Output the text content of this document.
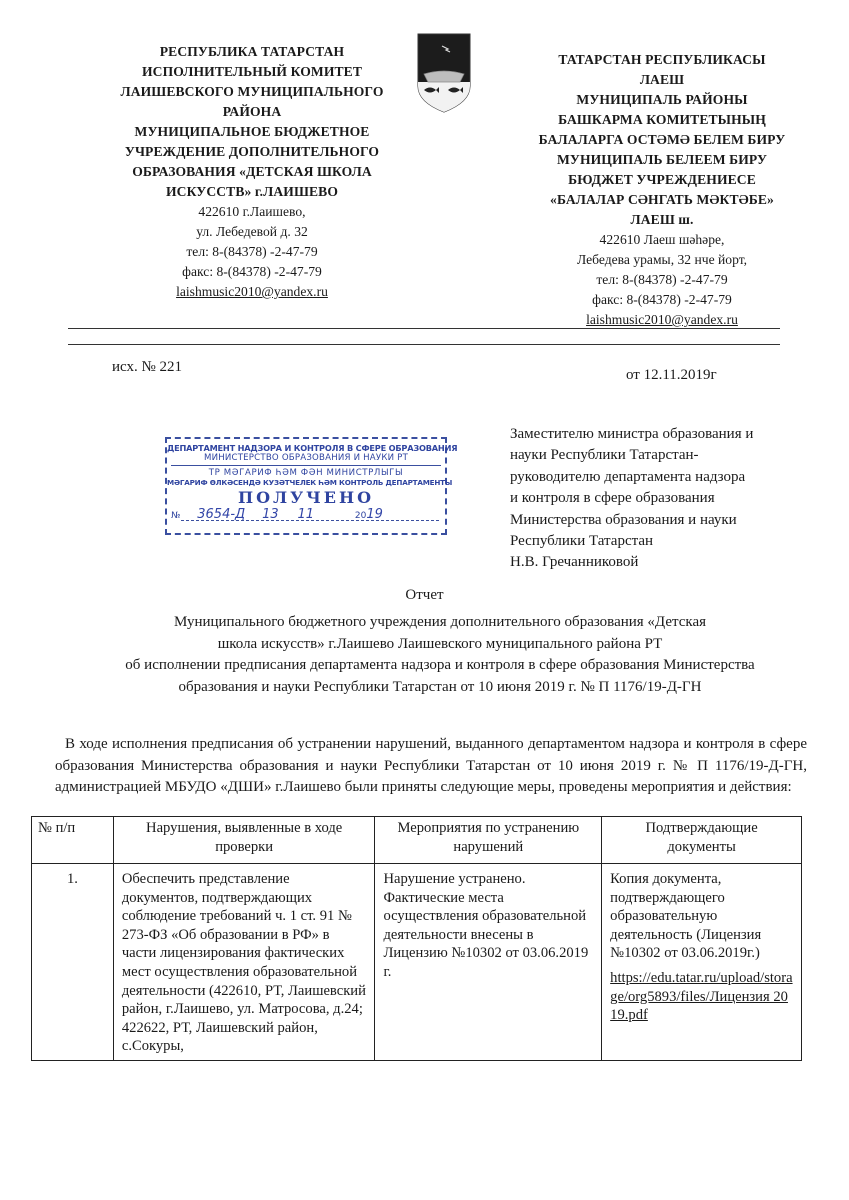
РЕСПУБЛИКА ТАТАРСТАН
ИСПОЛНИТЕЛЬНЫЙ КОМИТЕТ
ЛАИШЕВСКОГО МУНИЦИПАЛЬНОГО
РАЙОНА
МУНИЦИПАЛЬНОЕ БЮДЖЕТНОЕ
УЧРЕЖДЕНИЕ ДОПОЛНИТЕЛЬНОГО
ОБРАЗОВАНИЯ «ДЕТСКАЯ ШКОЛА
ИСКУССТВ» г.ЛАИШЕВО
422610 г.Лаишево,
ул. Лебедевой д. 32
тел: 8-(84378) -2-47-79
факс: 8-(84378) -2-47-79
laishmusic2010@yandex.ru
ТАТАРСТАН РЕСПУБЛИКАСЫ
ЛАЕШ
МУНИЦИПАЛЬ РАЙОНЫ
БАШКАРМА КОМИТЕТЫНЫҢ
БАЛАЛАРГА ОСТӘМӘ БЕЛЕМ БИРУ
МУНИЦИПАЛЬ БЕЛЕЕМ БИРУ
БЮДЖЕТ УЧРЕЖДЕНИЕСЕ
«БАЛАЛАР СӘНГАТЬ МӘКТӘБЕ»
ЛАЕШ ш.
422610 Лаеш шәһәре,
Лебедева урамы, 32 нче йорт,
тел: 8-(84378) -2-47-79
факс: 8-(84378) -2-47-79
laishmusic2010@yandex.ru
исх. № 221	от 12.11.2019г
ДЕПАРТАМЕНТ НАДЗОРА И КОНТРОЛЯ В СФЕРЕ ОБРАЗОВАНИЯ
МИНИСТЕРСТВО ОБРАЗОВАНИЯ И НАУКИ РТ
ТР МӘГАРИФ ҺӘМ ФӘН МИНИСТРЛЫГЫ
МӘГАРИФ ӨЛКӘСЕНДӘ КУЗӘТЧЕЛЕК ҺӘМ КОНТРОЛЬ ДЕПАРТАМЕНТЫ
ПОЛУЧЕНО
№ 3654-Д 13 11	2019
Заместителю министра образования и
науки Республики Татарстан-
руководителю департамента надзора
и контроля в сфере образования
Министерства образования и науки
Республики Татарстан
Н.В. Гречанниковой
Отчет
Муниципального бюджетного учреждения дополнительного образования «Детская
школа искусств» г.Лаишево Лаишевского муниципального района РТ
об исполнении предписания департамента надзора и контроля в сфере образования Министерства
образования и науки Республики Татарстан от 10 июня 2019 г. № П 1176/19-Д-ГН
В ходе исполнения предписания об устранении нарушений, выданного департаментом надзора и контроля в сфере образования Министерства образования и науки Республики Татарстан от 10 июня 2019 г. № П 1176/19-Д-ГН, администрацией МБУДО «ДШИ» г.Лаишево были приняты следующие меры, проведены мероприятия и действия:
№ п/п	Нарушения, выявленные в ходе проверки	Мероприятия по устранению нарушений	Подтверждающие документы
1.	Обеспечить представление документов, подтверждающих соблюдение требований ч. 1 ст. 91 № 273-ФЗ «Об образовании в РФ» в части лицензирования фактических мест осуществления образовательной деятельности (422610, РТ, Лаишевский район, г.Лаишево, ул. Матросова, д.24; 422622, РТ, Лаишевский район, с.Сокуры,	Нарушение устранено. Фактические места осуществления образовательной деятельности внесены в Лицензию №10302 от 03.06.2019 г.	Копия документа, подтверждающего образовательную деятельность (Лицензия №10302 от 03.06.2019г.)
https://edu.tatar.ru/upload/storage/org5893/files/Лицензия 2019.pdf
